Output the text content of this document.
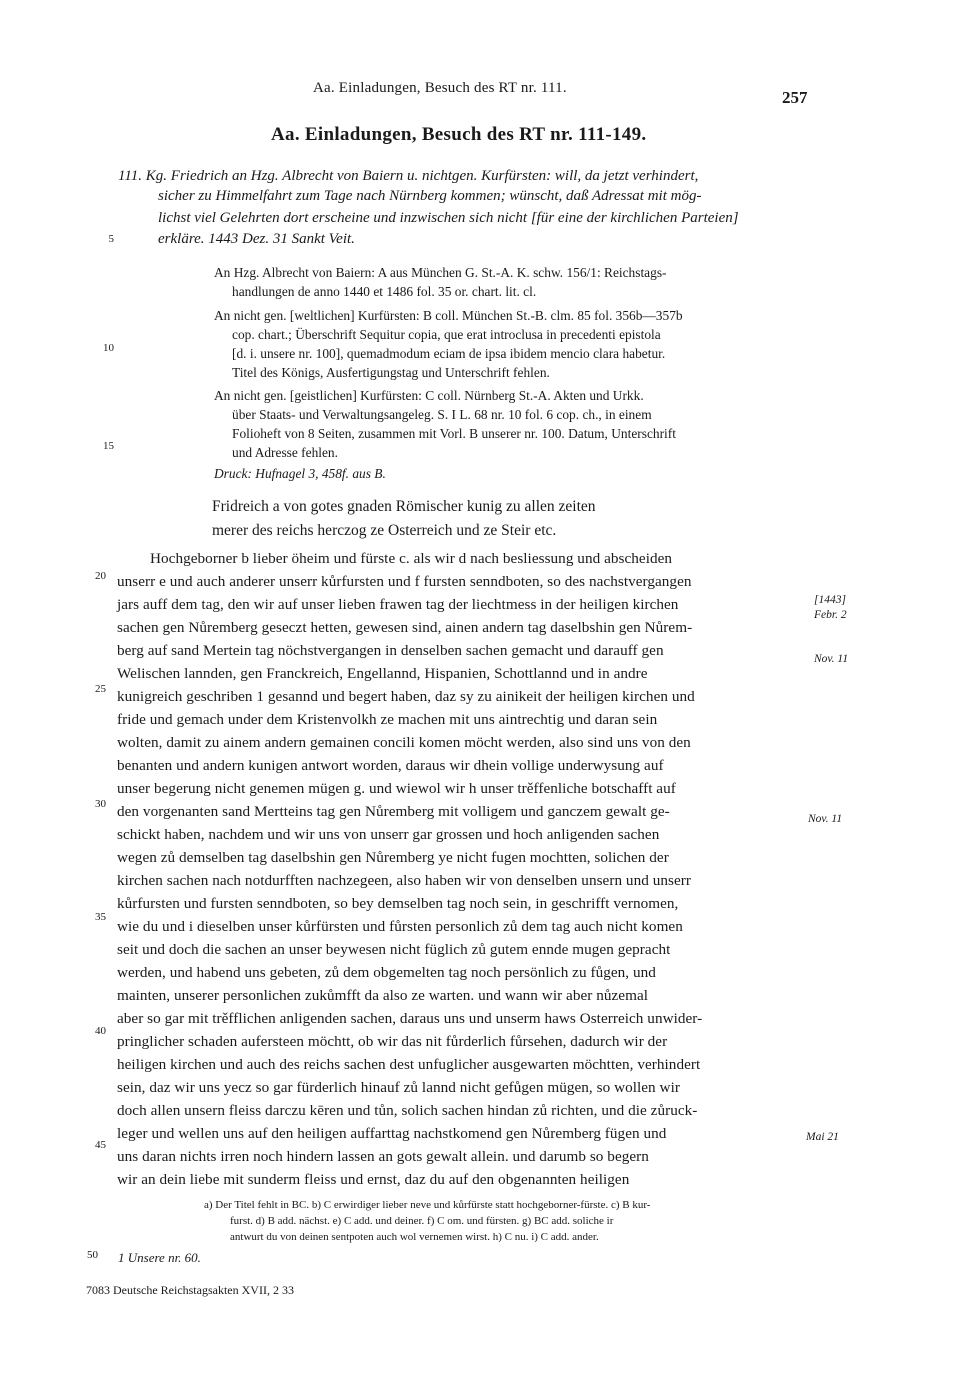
Aa. Einladungen, Besuch des RT nr. 111.	257
Aa. Einladungen, Besuch des RT nr. 111-149.
111. Kg. Friedrich an Hzg. Albrecht von Baiern u. nichtgen. Kurfürsten: will, da jetzt verhindert,
sicher zu Himmelfahrt zum Tage nach Nürnberg kommen; wünscht, daß Adressat mit mög-
lichst viel Gelehrten dort erscheine und inzwischen sich nicht [für eine der kirchlichen Parteien]
erkläre. 1443 Dez. 31 Sankt Veit.
An Hzg. Albrecht von Baiern: A aus München G. St.-A. K. schw. 156/1: Reichstags-
handlungen de anno 1440 et 1486 fol. 35 or. chart. lit. cl.
An nicht gen. [weltlichen] Kurfürsten: B coll. München St.-B. clm. 85 fol. 356b—357b
cop. chart.; Überschrift Sequitur copia, que erat introclusa in precedenti epistola
[d. i. unsere nr. 100], quemadmodum eciam de ipsa ibidem mencio clara habetur.
Titel des Königs, Ausfertigungstag und Unterschrift fehlen.
An nicht gen. [geistlichen] Kurfürsten: C coll. Nürnberg St.-A. Akten und Urkk.
über Staats- und Verwaltungsangeleg. S. I L. 68 nr. 10 fol. 6 cop. ch., in einem
Folioheft von 8 Seiten, zusammen mit Vorl. B unserer nr. 100. Datum, Unterschrift
und Adresse fehlen.
Druck: Hufnagel 3, 458f. aus B.
5
10
15
20
25
30
35
40
45
50
Fridreich a von gotes gnaden Römischer kunig zu allen zeiten
merer des reichs herczog ze Osterreich und ze Steir etc.
Hochgeborner b lieber öheim und fürste c. als wir d nach besliessung und abscheiden
unserr e und auch anderer unserr kůrfursten und f fursten senndboten, so des nachstvergangen
jars auff dem tag, den wir auf unser lieben frawen tag der liechtmess in der heiligen kirchen
sachen gen Nůremberg geseczt hetten, gewesen sind, ainen andern tag daselbshin gen Nůrem-
berg auf sand Mertein tag nöchstvergangen in denselben sachen gemacht und darauff gen
Welischen lannden, gen Franckreich, Engellannd, Hispanien, Schottlannd und in andre
kunigreich geschriben 1 gesannd und begert haben, daz sy zu ainikeit der heiligen kirchen und
fride und gemach under dem Kristenvolkh ze machen mit uns aintrechtig und daran sein
wolten, damit zu ainem andern gemainen concili komen möcht werden, also sind uns von den
benanten und andern kunigen antwort worden, daraus wir dhein vollige underwysung auf
unser begerung nicht genemen mügen g. und wiewol wir h unser trěffenliche botschafft auf
den vorgenanten sand Mertteins tag gen Nůremberg mit volligem und ganczem gewalt ge-
schickt haben, nachdem und wir uns von unserr gar grossen und hoch anligenden sachen
wegen zů demselben tag daselbshin gen Nůremberg ye nicht fugen mochtten, solichen der
kirchen sachen nach notdurfften nachzegeen, also haben wir von denselben unsern und unserr
kůrfursten und fursten senndboten, so bey demselben tag noch sein, in geschrifft vernomen,
wie du und i dieselben unser kůrfürsten und fůrsten personlich zů dem tag auch nicht komen
seit und doch die sachen an unser beywesen nicht füglich zů gutem ennde mugen gepracht
werden, und habend uns gebeten, zů dem obgemelten tag noch persönlich zu fůgen, und
mainten, unserer personlichen zukůmfft da also ze warten. und wann wir aber nůzemal
aber so gar mit trěfflichen anligenden sachen, daraus uns und unserm haws Osterreich unwider-
pringlicher schaden aufersteen möchtt, ob wir das nit fůrderlich fůrsehen, dadurch wir der
heiligen kirchen und auch des reichs sachen dest unfuglicher ausgewarten möchtten, verhindert
sein, daz wir uns yecz so gar fürderlich hinauf zů lannd nicht gefůgen mügen, so wollen wir
doch allen unsern fleiss darczu kēren und tůn, solich sachen hindan zů richten, und die zůruck-
leger und wellen uns auf den heiligen auffarttag nachstkomend gen Nůremberg fügen und
uns daran nichts irren noch hindern lassen an gots gewalt allein. und darumb so begern
wir an dein liebe mit sunderm fleiss und ernst, daz du auf den obgenannten heiligen
[1443]
Febr. 2
Nov. 11
Nov. 11
Mai 21
a) Der Titel fehlt in BC. b) C erwirdiger lieber neve und kůrfürste statt hochgeborner-fürste. c) B kur-
furst. d) B add. nächst. e) C add. und deiner. f) C om. und fürsten. g) BC add. soliche ir
antwurt du von deinen sentpoten auch wol vernemen wirst. h) C nu. i) C add. ander.
1 Unsere nr. 60.
7083 Deutsche Reichstagsakten XVII, 2 33
